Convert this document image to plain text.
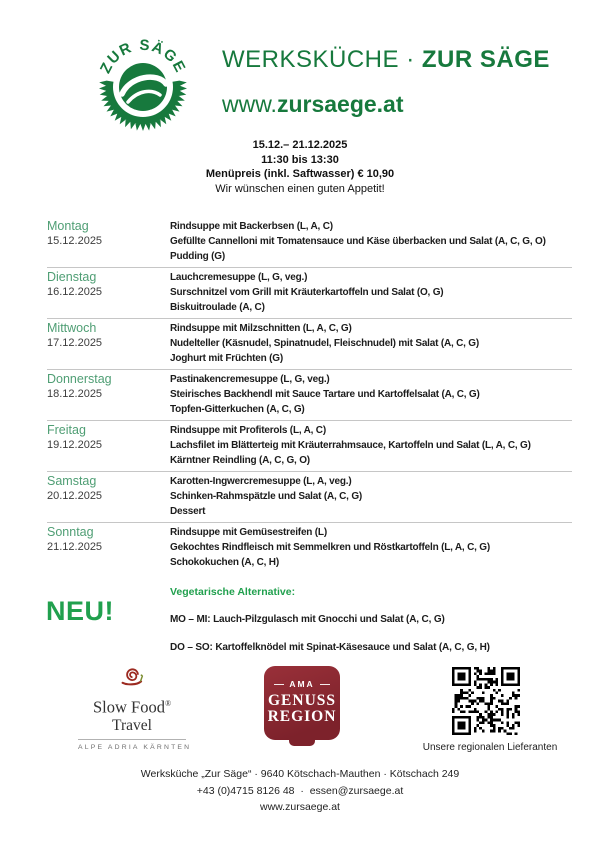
ZUR SÄGE WERKSKÜCHE · ZUR SÄGE
www.zursaege.at
15.12.– 21.12.2025
11:30 bis 13:30
Menüpreis (inkl. Saftwasser) € 10,90
Wir wünschen einen guten Appetit!
Montag
15.12.2025
Rindsuppe mit Backerbsen (L, A, C)
Gefüllte Cannelloni mit Tomatensauce und Käse überbacken und Salat (A, C, G, O)
Pudding (G)
Dienstag
16.12.2025
Lauchcremesuppe (L, G, veg.)
Surschnitzel vom Grill mit Kräuterkartoffeln und Salat (O, G)
Biskuitroulade (A, C)
Mittwoch
17.12.2025
Rindsuppe mit Milzschnitten (L, A, C, G)
Nudelteller (Käsnudel, Spinatnudel, Fleischnudel) mit Salat (A, C, G)
Joghurt mit Früchten (G)
Donnerstag
18.12.2025
Pastinakencremesuppe (L, G, veg.)
Steirisches Backhendl mit Sauce Tartare und Kartoffelsalat (A, C, G)
Topfen-Gitterkuchen (A, C, G)
Freitag
19.12.2025
Rindsuppe mit Profiterols (L, A, C)
Lachsfilet im Blätterteig mit Kräuterrahmsauce, Kartoffeln und Salat (L, A, C, G)
Kärntner Reindling (A, C, G, O)
Samstag
20.12.2025
Karotten-Ingwercremesuppe (L, A, veg.)
Schinken-Rahmspätzle und Salat (A, C, G)
Dessert
Sonntag
21.12.2025
Rindsuppe mit Gemüsestreifen (L)
Gekochtes Rindfleisch mit Semmelkren und Röstkartoffeln (L, A, C, G)
Schokokuchen (A, C, H)
NEU!
Vegetarische Alternative:
MO – MI: Lauch-Pilzgulasch mit Gnocchi und Salat (A, C, G)
DO – SO: Kartoffelknödel mit Spinat-Käsesauce und Salat (A, C, G, H)
Slow Food®
Travel
ALPE ADRIA KÄRNTEN
AMA
GENUSS
REGION
Unsere regionalen Lieferanten
Werksküche „Zur Säge“ · 9640 Kötschach-Mauthen · Kötschach 249
+43 (0)4715 8126 48  ·  essen@zursaege.at
www.zursaege.at
